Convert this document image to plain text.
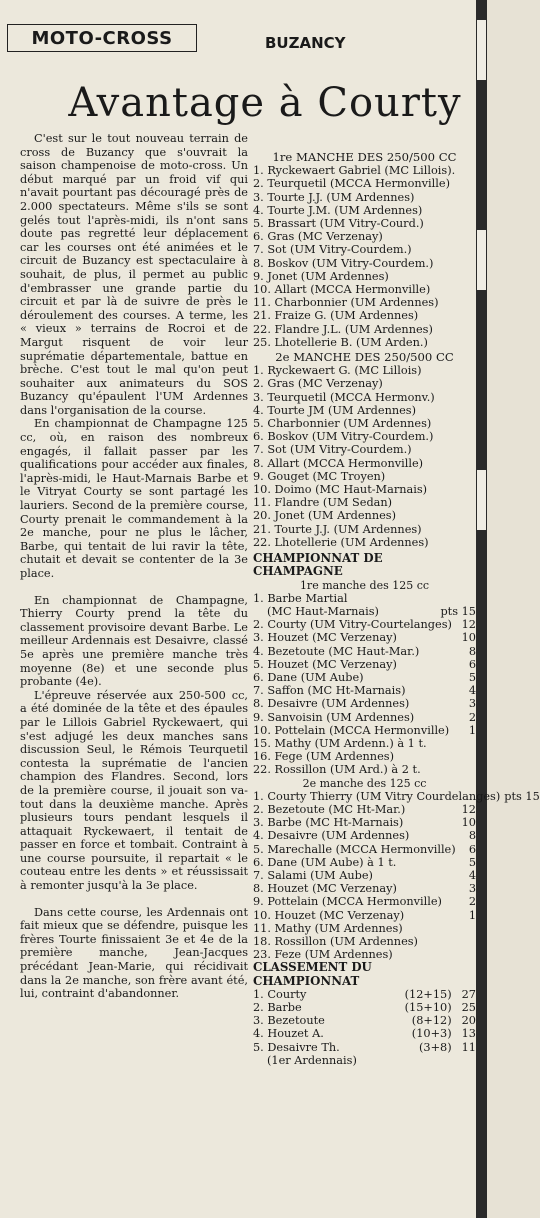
MOTO-CROSS	BUZANCY
Avantage à Courty

C'est sur le tout nouveau terrain de cross de Buzancy que s'ouvrait la saison champenoise de moto-cross. Un début marqué par un froid vif qui n'avait pourtant pas découragé près de 2.000 spectateurs. Même s'ils se sont gelés tout l'après-midi, ils n'ont sans doute pas regretté leur déplacement car les courses ont été animées et le circuit de Buzancy est spectaculaire à souhait, de plus, il permet au public d'embrasser une grande partie du circuit et par là de suivre de près le déroulement des courses. A terme, les « vieux » terrains de Rocroi et de Margut risquent de voir leur suprématie départementale, battue en brèche. C'est tout le mal qu'on peut souhaiter aux animateurs du SOS Buzancy qu'épaulent l'UM Ardennes dans l'organisation de la course.

En championnat de Champagne 125 cc, où, en raison des nombreux engagés, il fallait passer par les qualifications pour accéder aux finales, l'après-midi, le Haut-Marnais Barbe et le Vitryat Courty se sont partagé les lauriers. Second de la première course, Courty prenait le commandement à la 2e manche, pour ne plus le lâcher, Barbe, qui tentait de lui ravir la tête, chutait et devait se contenter de la 3e place.

En championnat de Champagne, Thierry Courty prend la tête du classement provisoire devant Barbe. Le meilleur Ardennais est Desaivre, classé 5e après une première manche très moyenne (8e) et une seconde plus probante (4e).

L'épreuve réservée aux 250-500 cc, a été dominée de la tête et des épaules par le Lillois Gabriel Ryckewaert, qui s'est adjugé les deux manches sans discussion Seul, le Rémois Teurquetil contesta la suprématie de l'ancien champion des Flandres. Second, lors de la première course, il jouait son va-tout dans la deuxième manche. Après plusieurs tours pendant lesquels il attaquait Ryckewaert, il tentait de passer en force et tombait. Contraint à une course poursuite, il repartait « le couteau entre les dents » et réussissait à remonter jusqu'à la 3e place.

Dans cette course, les Ardennais ont fait mieux que se défendre, puisque les frères Tourte finissaient 3e et 4e de la première manche, Jean-Jacques précédant Jean-Marie, qui récidivait dans la 2e manche, son frère avant été, lui, contraint d'abandonner.

1re MANCHE DES 250/500 CC
1. Ryckewaert Gabriel (MC Lillois).
2. Teurquetil (MCCA Hermonville)
3. Tourte J.J. (UM Ardennes)
4. Tourte J.M. (UM Ardennes)
5. Brassart (UM Vitry-Courd.)
6. Gras (MC Verzenay)
7. Sot (UM Vitry-Courdem.)
8. Boskov (UM Vitry-Courdem.)
9. Jonet (UM Ardennes)
10. Allart (MCCA Hermonville)
11. Charbonnier (UM Ardennes)
21. Fraize G. (UM Ardennes)
22. Flandre J.L. (UM Ardennes)
25. Lhotellerie B. (UM Arden.)
2e MANCHE DES 250/500 CC
1. Ryckewaert G. (MC Lillois)
2. Gras (MC Verzenay)
3. Teurquetil (MCCA Hermonv.)
4. Tourte JM (UM Ardennes)
5. Charbonnier (UM Ardennes)
6. Boskov (UM Vitry-Courdem.)
7. Sot (UM Vitry-Courdem.)
8. Allart (MCCA Hermonville)
9. Gouget (MC Troyen)
10. Doimo (MC Haut-Marnais)
11. Flandre (UM Sedan)
20. Jonet (UM Ardennes)
21. Tourte J.J. (UM Ardennes)
22. Lhotellerie (UM Ardennes)
CHAMPIONNAT DE CHAMPAGNE
1re manche des 125 cc
1. Barbe Martial
(MC Haut-Marnais)	pts 15
2. Courty (UM Vitry-Courtelanges) 12
3. Houzet (MC Verzenay)	10
4. Bezetoute (MC Haut-Mar.)	8
5. Houzet (MC Verzenay)	6
6. Dane (UM Aube)	5
7. Saffon (MC Ht-Marnais)	4
8. Desaivre (UM Ardennes)	3
9. Sanvoisin (UM Ardennes)	2
10. Pottelain (MCCA Hermonville)	1
15. Mathy (UM Ardenn.) à 1 t.
16. Fege (UM Ardennes)
22. Rossillon (UM Ard.) à 2 t.
2e manche des 125 cc
1. Courty Thierry (UM Vitry Courdelanges) pts 15
2. Bezetoute (MC Ht-Mar.)	12
3. Barbe (MC Ht-Marnais)	10
4. Desaivre (UM Ardennes)	8
5. Marechalle (MCCA Hermonville)	6
6. Dane (UM Aube) à 1 t.	5
7. Salami (UM Aube)	4
8. Houzet (MC Verzenay)	3
9. Pottelain (MCCA Hermonville)	2
10. Houzet (MC Verzenay)	1
11. Mathy (UM Ardennes)
18. Rossillon (UM Ardennes)
23. Feze (UM Ardennes)
CLASSEMENT DU CHAMPIONNAT
1. Courty	(12+15) 27
2. Barbe	(15+10) 25
3. Bezetoute	(8+12) 20
4. Houzet A.	(10+3) 13
5. Desaivre Th.	(3+8) 11
(1er Ardennais)
